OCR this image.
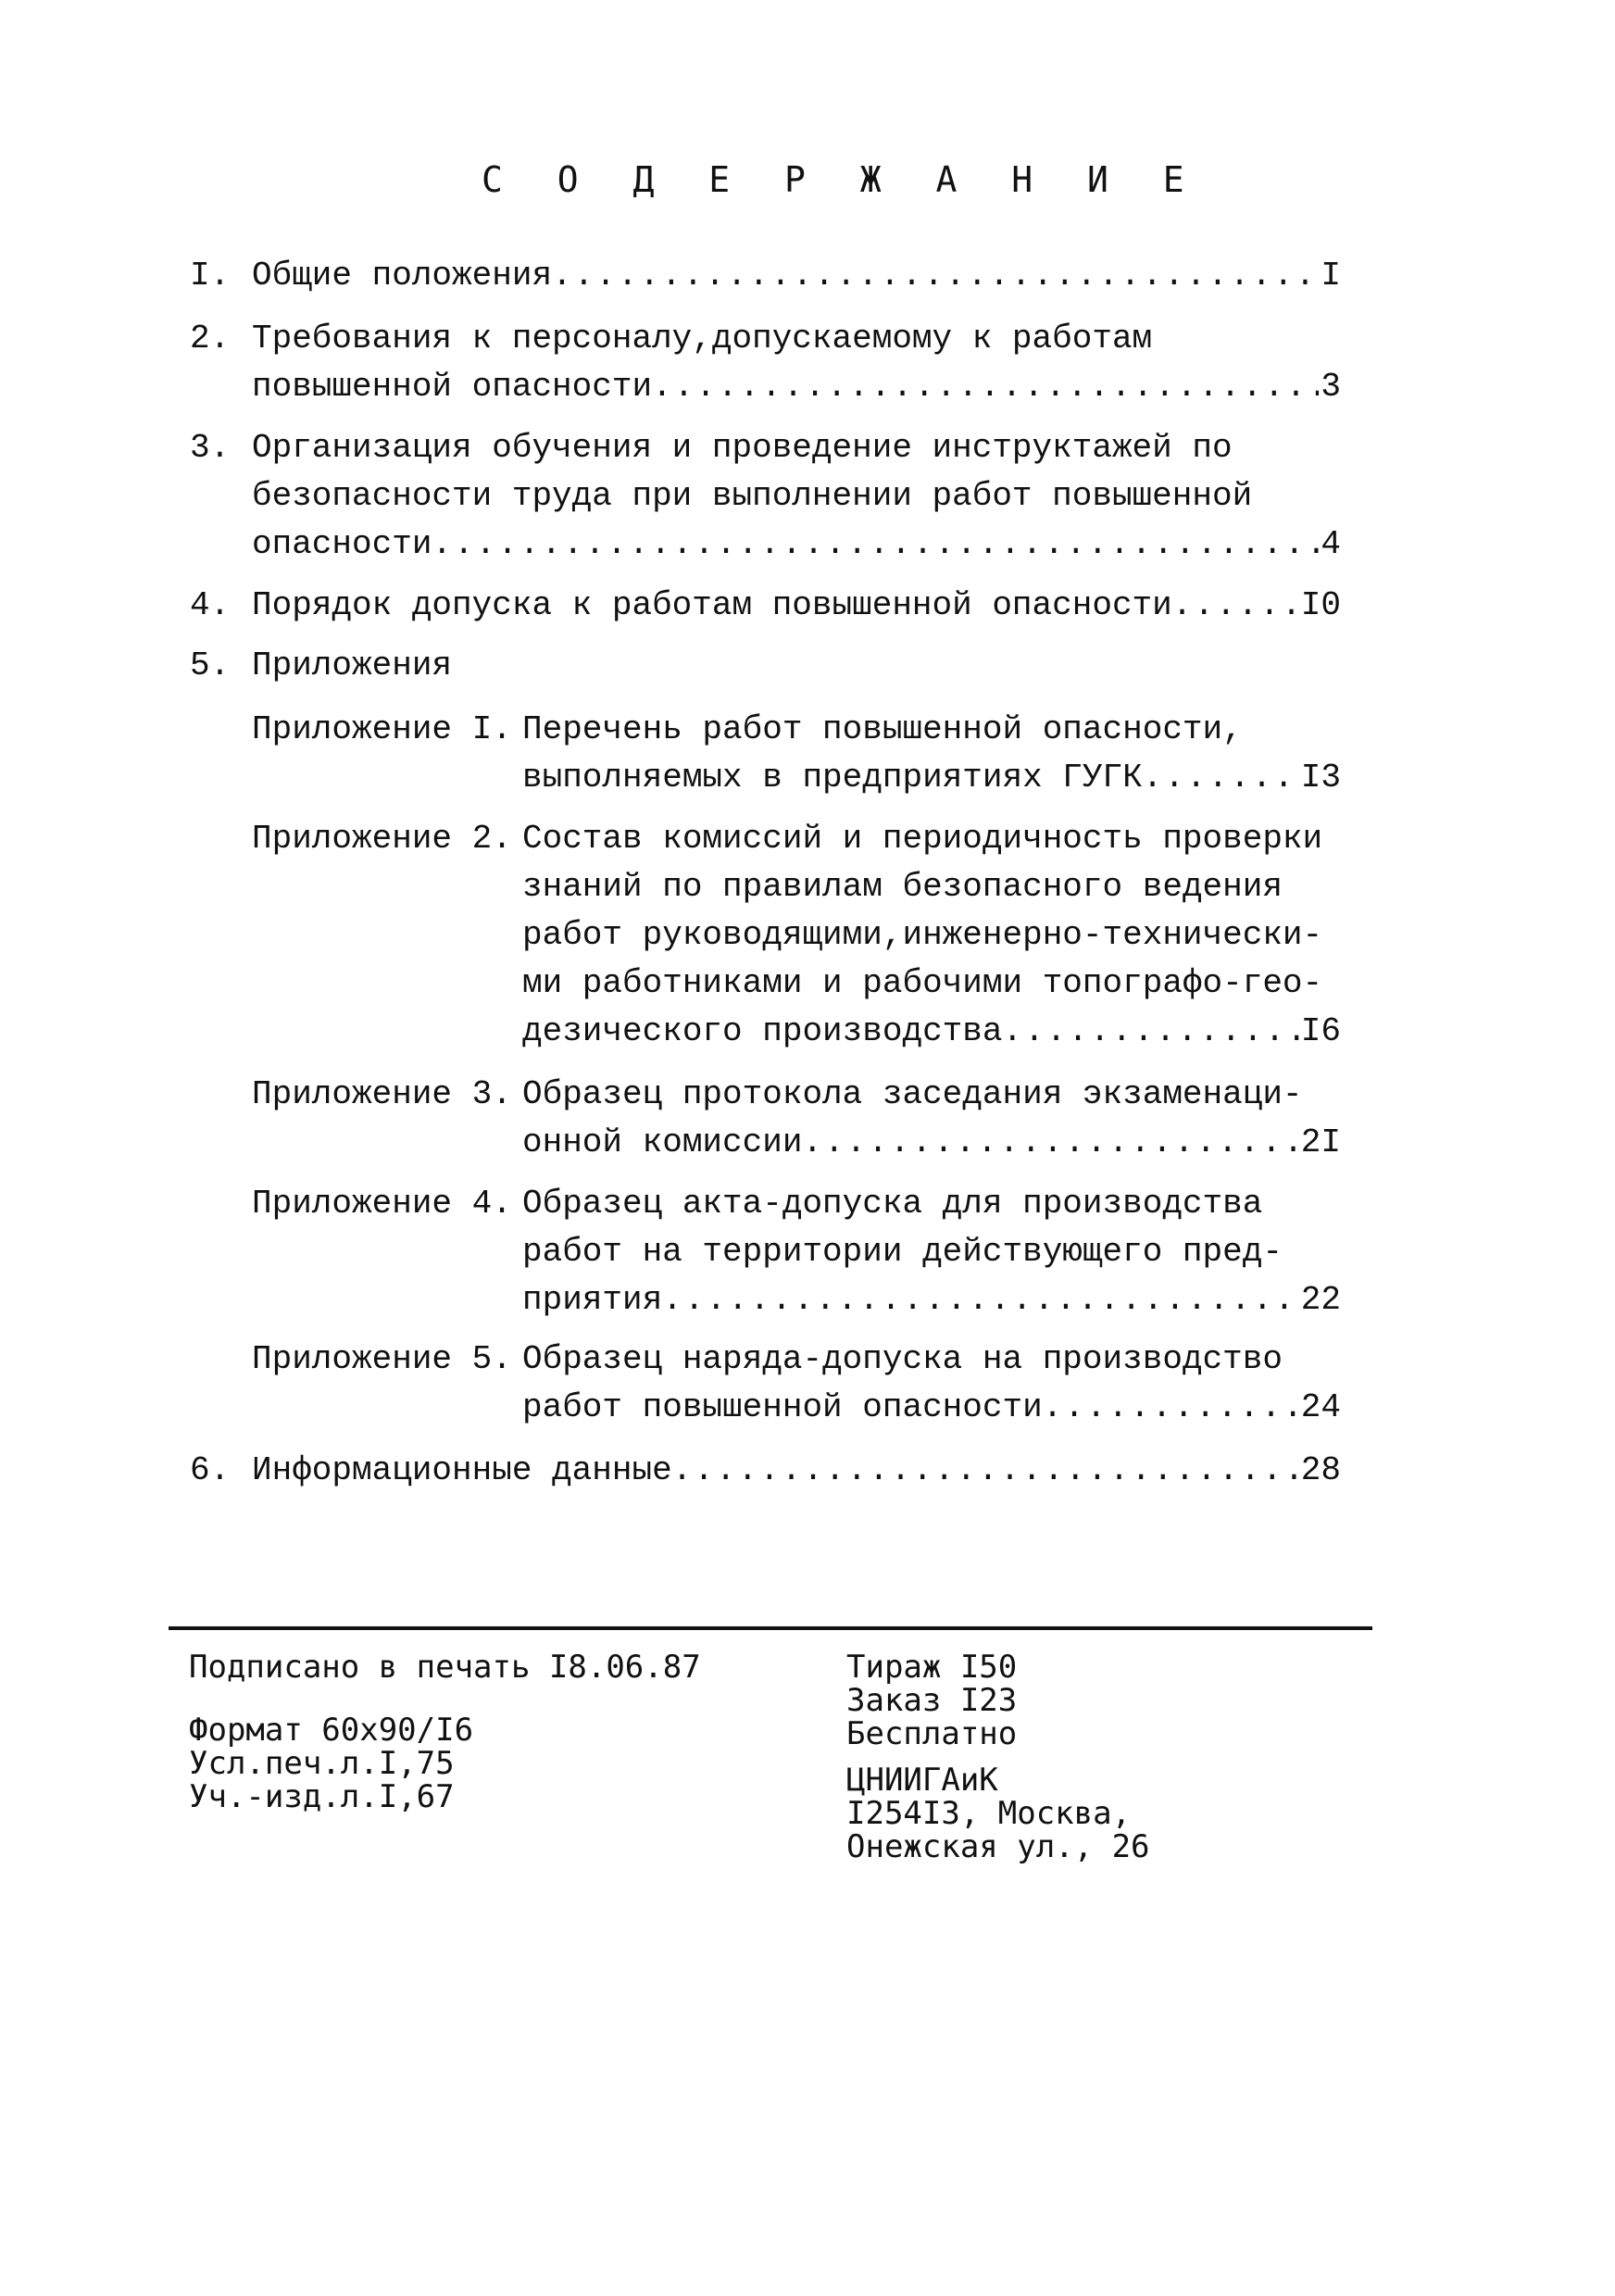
С О Д Е Р Ж А Н И Е
I. Общие положения .....	I
2. Требования к персоналу,допускаемому к работам
повышенной опасности .....	3
3. Организация обучения и проведение инструктажей по
безопасности труда при выполнении работ повышенной
опасности .....	4
4. Порядок допуска к работам повышенной опасности .....	I0
5. Приложения
Приложение I. Перечень работ повышенной опасности,
выполняемых в предприятиях ГУГК .....	I3
Приложение 2. Состав комиссий и периодичность проверки
знаний по правилам безопасного ведения
работ руководящими,инженерно-технически-
ми работниками и рабочими топографо-гео-
дезического производства .....	I6
Приложение 3. Образец протокола заседания экзаменаци-
онной комиссии .....	2I
Приложение 4. Образец акта-допуска для производства
работ на территории действующего пред-
приятия .....	22
Приложение 5. Образец наряда-допуска на производство
работ повышенной опасности .....	24
6. Информационные данные .....	28
Подписано в печать I8.06.87
Формат 60х90/I6
Усл.печ.л.I,75
Уч.-изд.л.I,67
Тираж I50
Заказ I23
Бесплатно
ЦНИИГАиК
I254I3, Москва,
Онежская ул., 26
